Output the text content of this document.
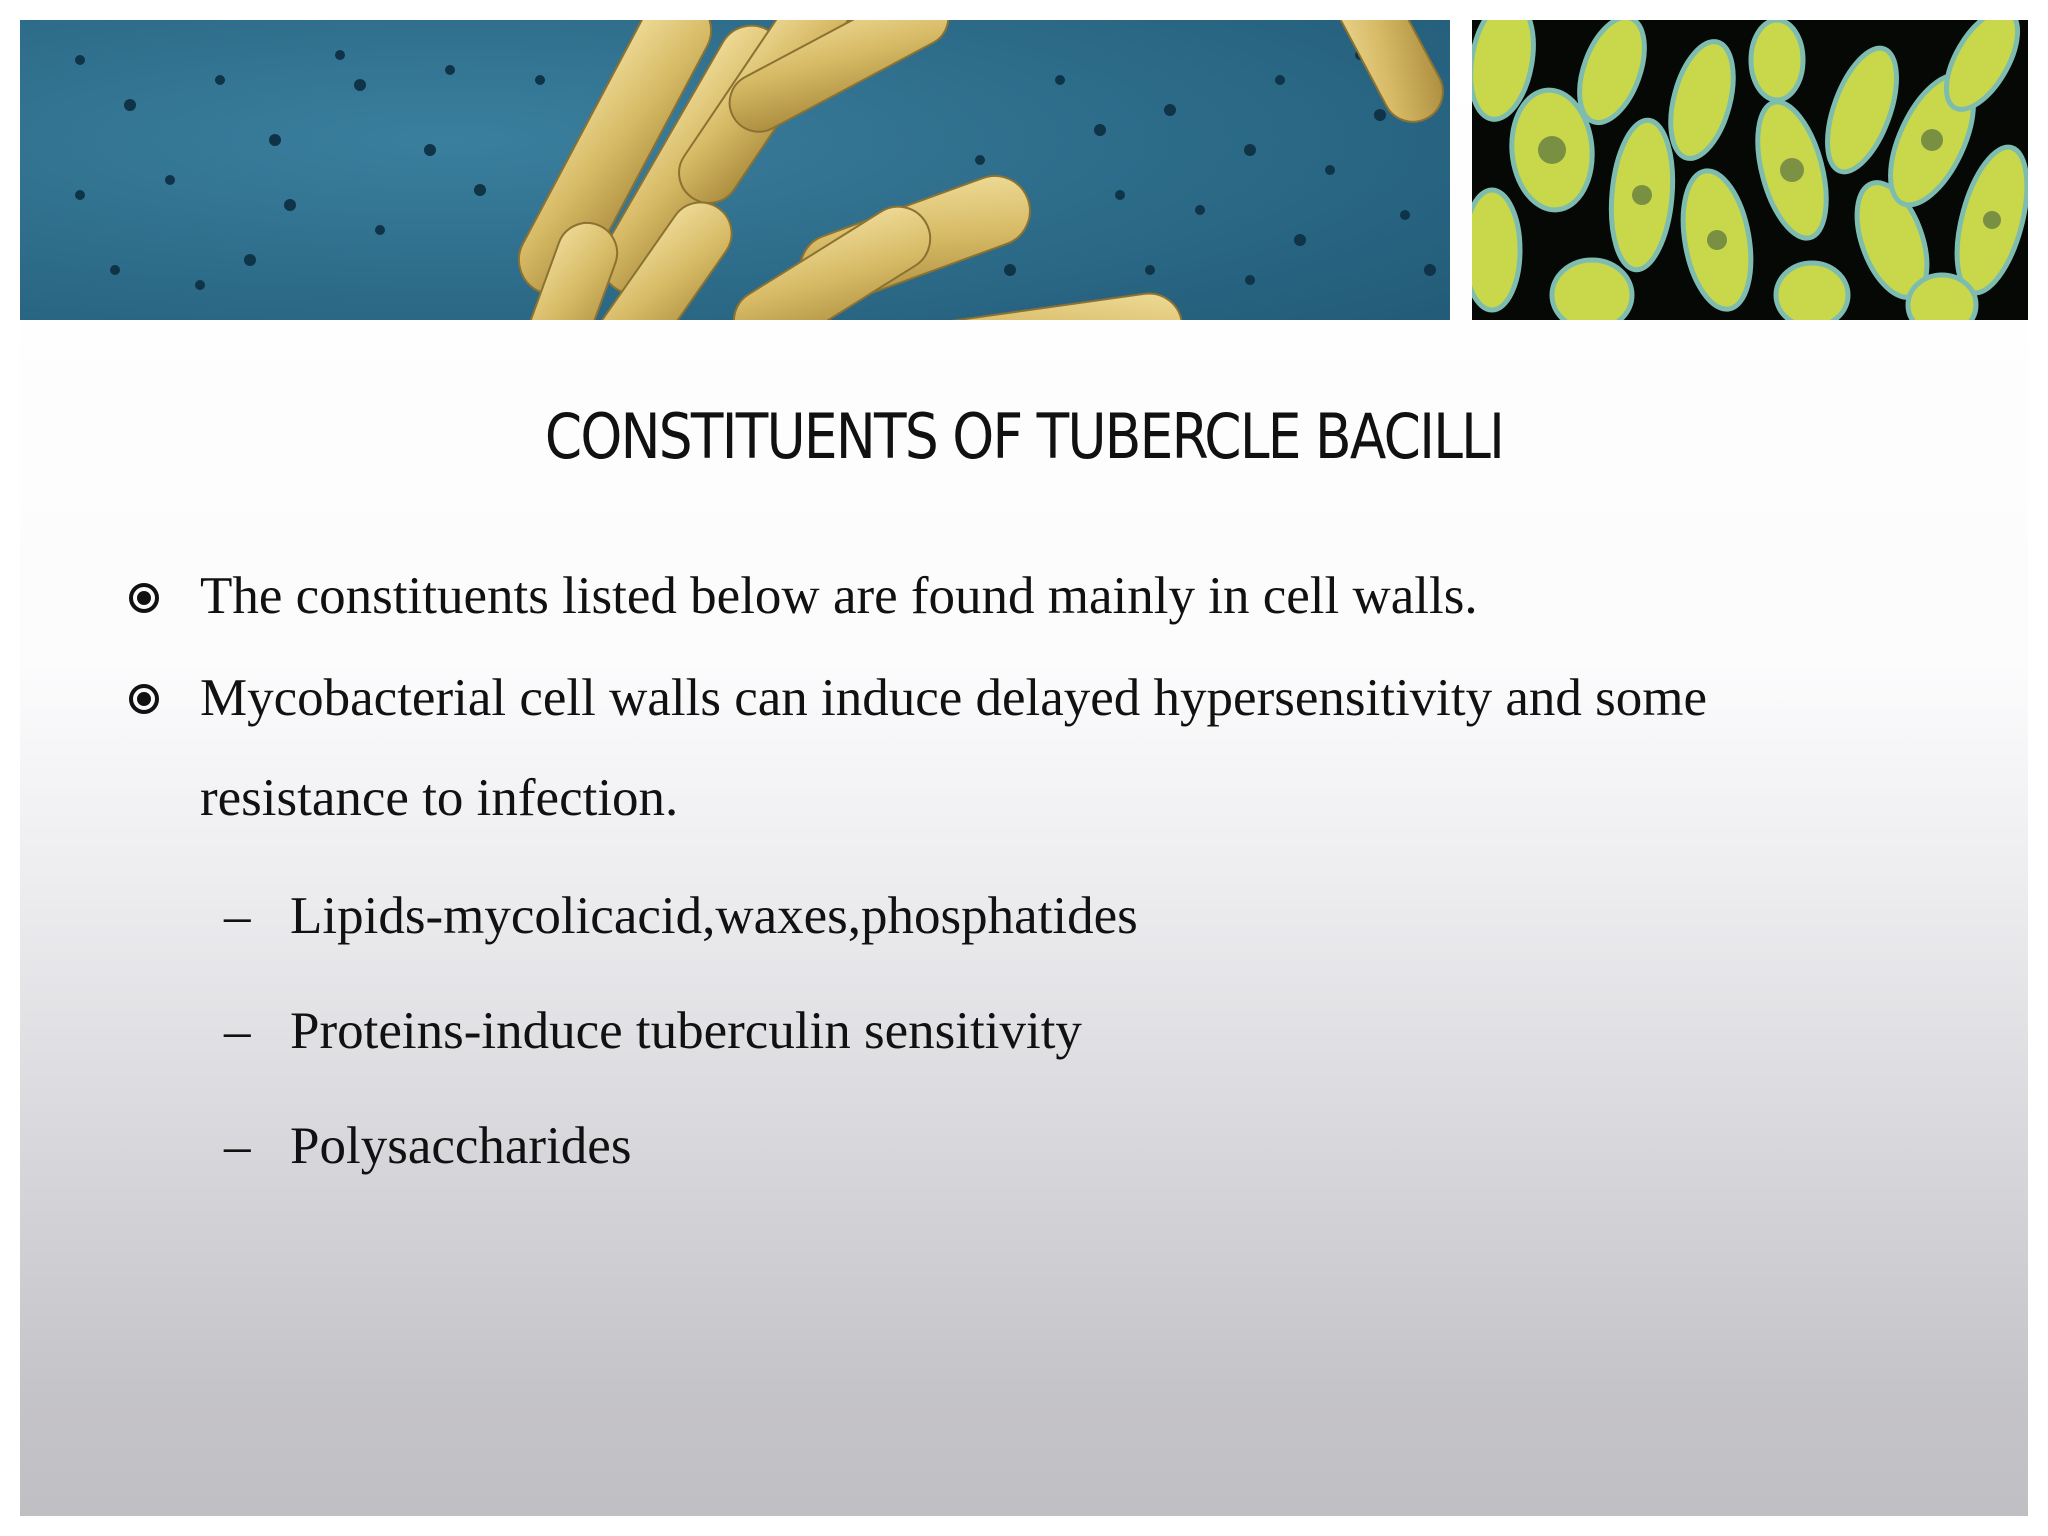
CONSTITUENTS OF TUBERCLE BACILLI
The constituents listed below are found mainly in cell walls.
Mycobacterial cell walls can induce delayed hypersensitivity and some
resistance to infection.
– Lipids-mycolicacid,waxes,phosphatides
– Proteins-induce tuberculin sensitivity
– Polysaccharides
